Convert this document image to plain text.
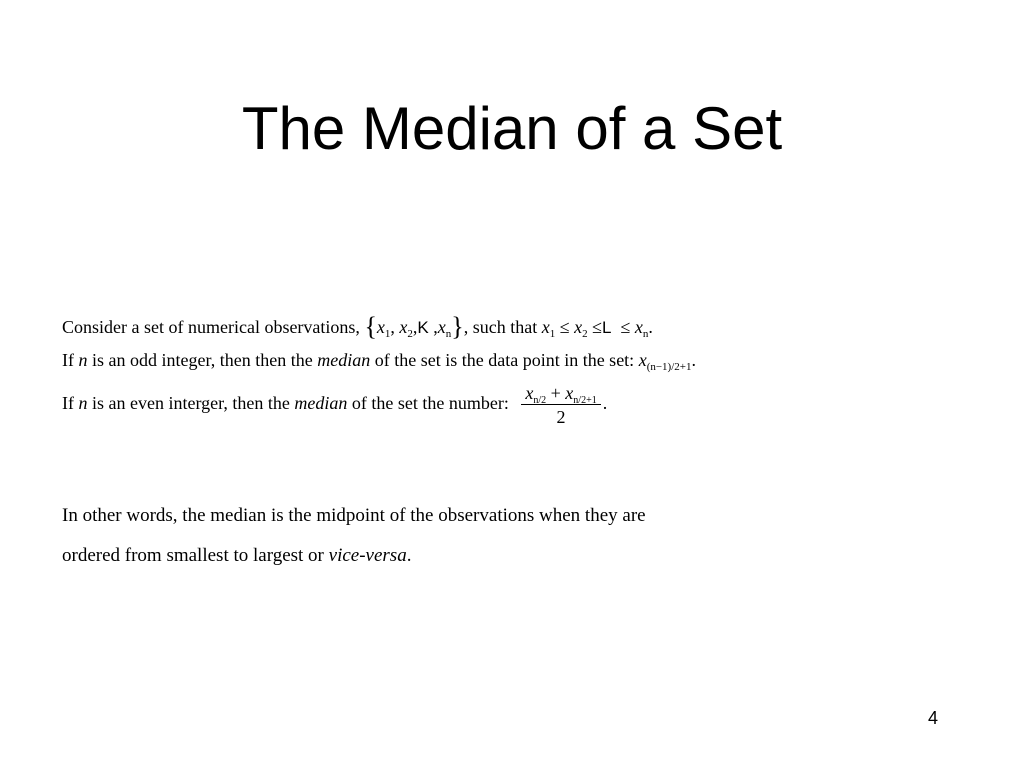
The Median of a Set
Consider a set of numerical observations, {$x_1$, $x_2,K$ $,x_n$}, such that $x_1 \le x_2 \le L \le x_n$.
If n is an odd integer, then then the median of the set is the data point in the set: $x_{(n-1)/2+1}$.
If n is an even interger, then the median of the set the number: $\frac{x_{n/2} + x_{n/2+1}}{2}$ .
In other words, the median is the midpoint of the observations when they are
ordered from smallest to largest or vice-versa.
4
